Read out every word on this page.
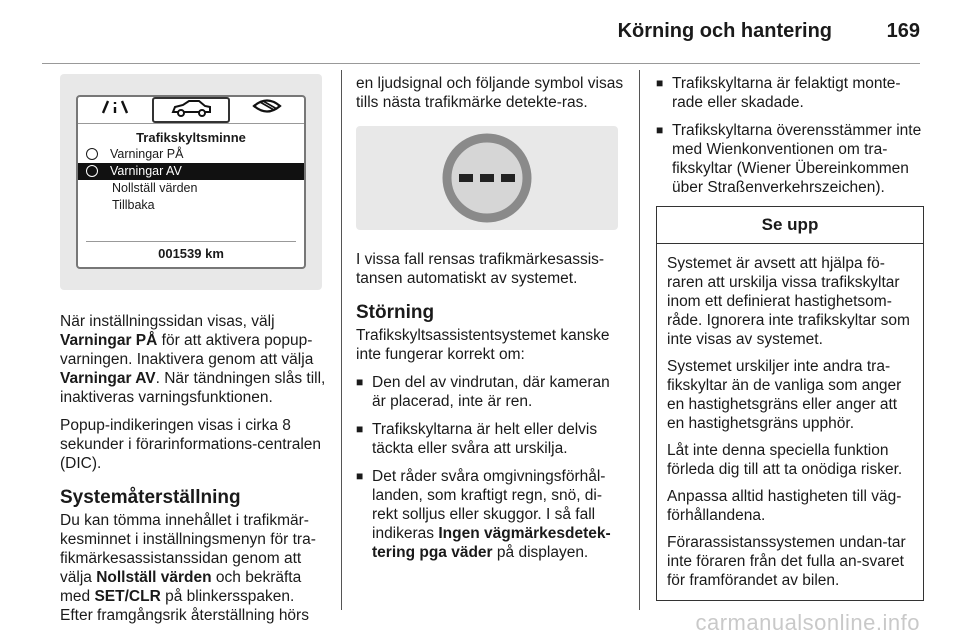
Körning och hantering	169
Trafikskyltsminne
Varningar PÅ
Varningar AV
Nollställ värden
Tillbaka
001539 km

När inställningssidan visas, välj Varningar PÅ för att aktivera popup-varningen. Inaktivera genom att välja Varningar AV. När tändningen slås till, inaktiveras varningsfunktionen.

Popup-indikeringen visas i cirka 8 sekunder i förarinformations-centralen (DIC).

Systemåterställning

Du kan tömma innehållet i trafikmär-kesminnet i inställningsmenyn för tra-fikmärkesassistanssidan genom att välja Nollställ värden och bekräfta med SET/CLR på blinkersspaken. Efter framgångsrik återställning hörs

en ljudsignal och följande symbol visas tills nästa trafikmärke detekte-ras.

I vissa fall rensas trafikmärkesassis-tansen automatiskt av systemet.

Störning

Trafikskyltsassistentsystemet kanske inte fungerar korrekt om:

■ Den del av vindrutan, där kameran är placerad, inte är ren.
■ Trafikskyltarna är helt eller delvis täckta eller svåra att urskilja.
■ Det råder svåra omgivningsförhål-landen, som kraftigt regn, snö, di-rekt solljus eller skuggor. I så fall indikeras Ingen vägmärkesdetek-tering pga väder på displayen.
■ Trafikskyltarna är felaktigt monte-rade eller skadade.
■ Trafikskyltarna överensstämmer inte med Wienkonventionen om tra-fikskyltar (Wiener Übereinkommen über Straßenverkehrszeichen).
Se upp

Systemet är avsett att hjälpa fö-raren att urskilja vissa trafikskyltar inom ett definierat hastighetsom-råde. Ignorera inte trafikskyltar som inte visas av systemet.

Systemet urskiljer inte andra tra-fikskyltar än de vanliga som anger en hastighetsgräns eller anger att en hastighetsgräns upphör.

Låt inte denna speciella funktion förleda dig till att ta onödiga risker.

Anpassa alltid hastigheten till väg-förhållandena.

Förarassistanssystemen undan-tar inte föraren från det fulla an-svaret för framförandet av bilen.

carmanualsonline.info
